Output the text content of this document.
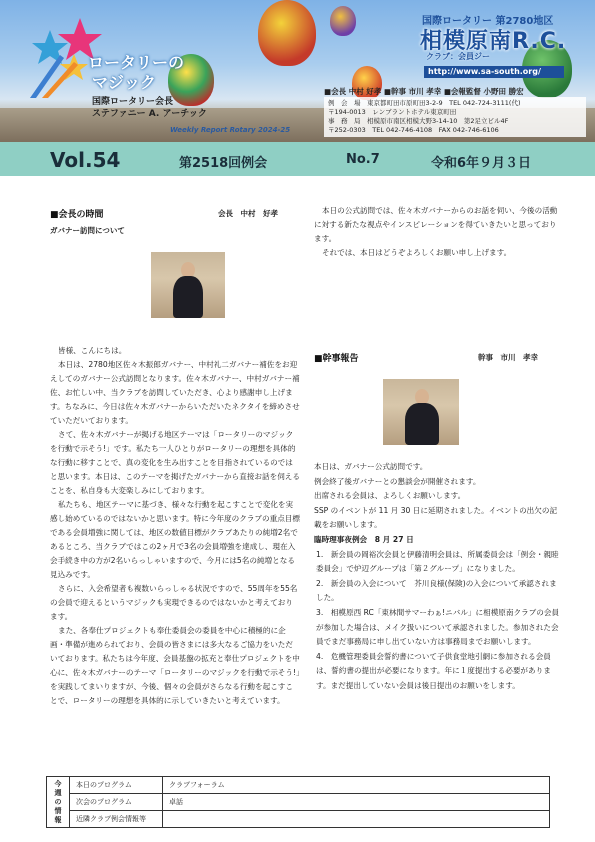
ロータリーの
マジック
国際ロータリー会長
ステファニー A. アーチック
Weekly Report Rotary 2024-25
国際ロータリー 第2780地区
相模原南R.C.
クラブ：会員ジー
http://www.sa-south.org/
■会長 中村 好孝 ■幹事 市川 孝幸 ■会報監督 小野田 勝宏
例　会　場　東京都町田市原町田3-2-9　TEL 042-724-3111(代)
〒194-0013　レンブラントホテル東京町田
事　務　局　相模原市南区相模大野3-14-10　第2足立ビル4F
〒252-0303　TEL 042-746-4108　FAX 042-746-6106
Vol.54	第2518回例会	No.7	令和6年９月３日
■会長の時間	会長　中村　好孝
ガバナー訪問について
皆様、こんにちは。
本日は、2780地区佐々木振郎ガバナー、中村礼二ガバナー補佐をお迎えしてのガバナー公式訪問となります。佐々木ガバナー、中村ガバナー補佐、お忙しい中、当クラブを訪問していただき、心より感謝申し上げます。ちなみに、今日は佐々木ガバナーからいただいたネクタイを締めさせていただいております。
さて、佐々木ガバナーが掲げる地区テーマは「ロータリーのマジックを行動で示そう!」です。私たち一人ひとりがロータリーの理想を具体的な行動に移すことで、真の変化を生み出すことを目指されているのではと思います。本日は、このテーマを掲げたガバナーから直接お話を伺えることを、私自身も大変楽しみにしております。
私たちも、地区テーマに基づき、様々な行動を起こすことで変化を実感し始めているのではないかと思います。特に今年度のクラブの重点目標である会員増強に関しては、地区の数値目標がクラブあたりの純増2名であるところ、当クラブではこの2ヶ月で3名の会員増強を達成し、現在入会手続き中の方が2名いらっしゃいますので、今月には5名の純増となる見込みです。
さらに、入会希望者も複数いらっしゃる状況ですので、55周年を55名の会員で迎えるというマジックも実現できるのではないかと考えております。
また、各奉仕プロジェクトも奉仕委員会の委員を中心に積極的に企画・準備が進められており、会員の皆さまには多大なるご協力をいただいております。私たちは今年度、会員基盤の拡充と奉仕プロジェクトを中心に、佐々木ガバナーのテーマ「ロータリーのマジックを行動で示そう!」を実践してまいりますが、今後、個々の会員がさらなる行動を起こすことで、ロータリーの理想を具体的に示していきたいと考えています。
本日の公式訪問では、佐々木ガバナーからのお話を伺い、今後の活動に対する新たな視点やインスピレーションを得ていきたいと思っております。
それでは、本日はどうぞよろしくお願い申し上げます。
■幹事報告	幹事　市川　孝幸
本日は、ガバナー公式訪問です。
例会終了後ガバナーとの懇談会が開催されます。
出席される会員は、よろしくお願いします。
SSP のイベントが 11 月 30 日に延期されました。イベントの出欠の記載をお願いします。
臨時理事夜例会　8 月 27 日
1.　新会員の岡裕次会員と伊藤清明会員は、所属委員会は「例会・親睦委員会」で炉辺グループは「第２グループ」になりました。
2.　新会員の入会について　芥川良様(保険)の入会について承認されました。
3.　相模原西 RC「東林間サマーわぁ!ニバル」に相模原南クラブの会員が参加した場合は、メイク扱いについて承認されました。参加された会員でまだ事務局に申し出ていない方は事務局までお願いします。
4.　危機管理委員会誓約書について子供食堂地引網に参加される会員は、誓約書の提出が必要になります。年に１度提出する必要があります。まだ提出していない会員は後日提出のお願いをします。
今週の情報	本日のプログラム	クラブフォーラム
	次会のプログラム	卓話
	近隣クラブ例会情報等	
